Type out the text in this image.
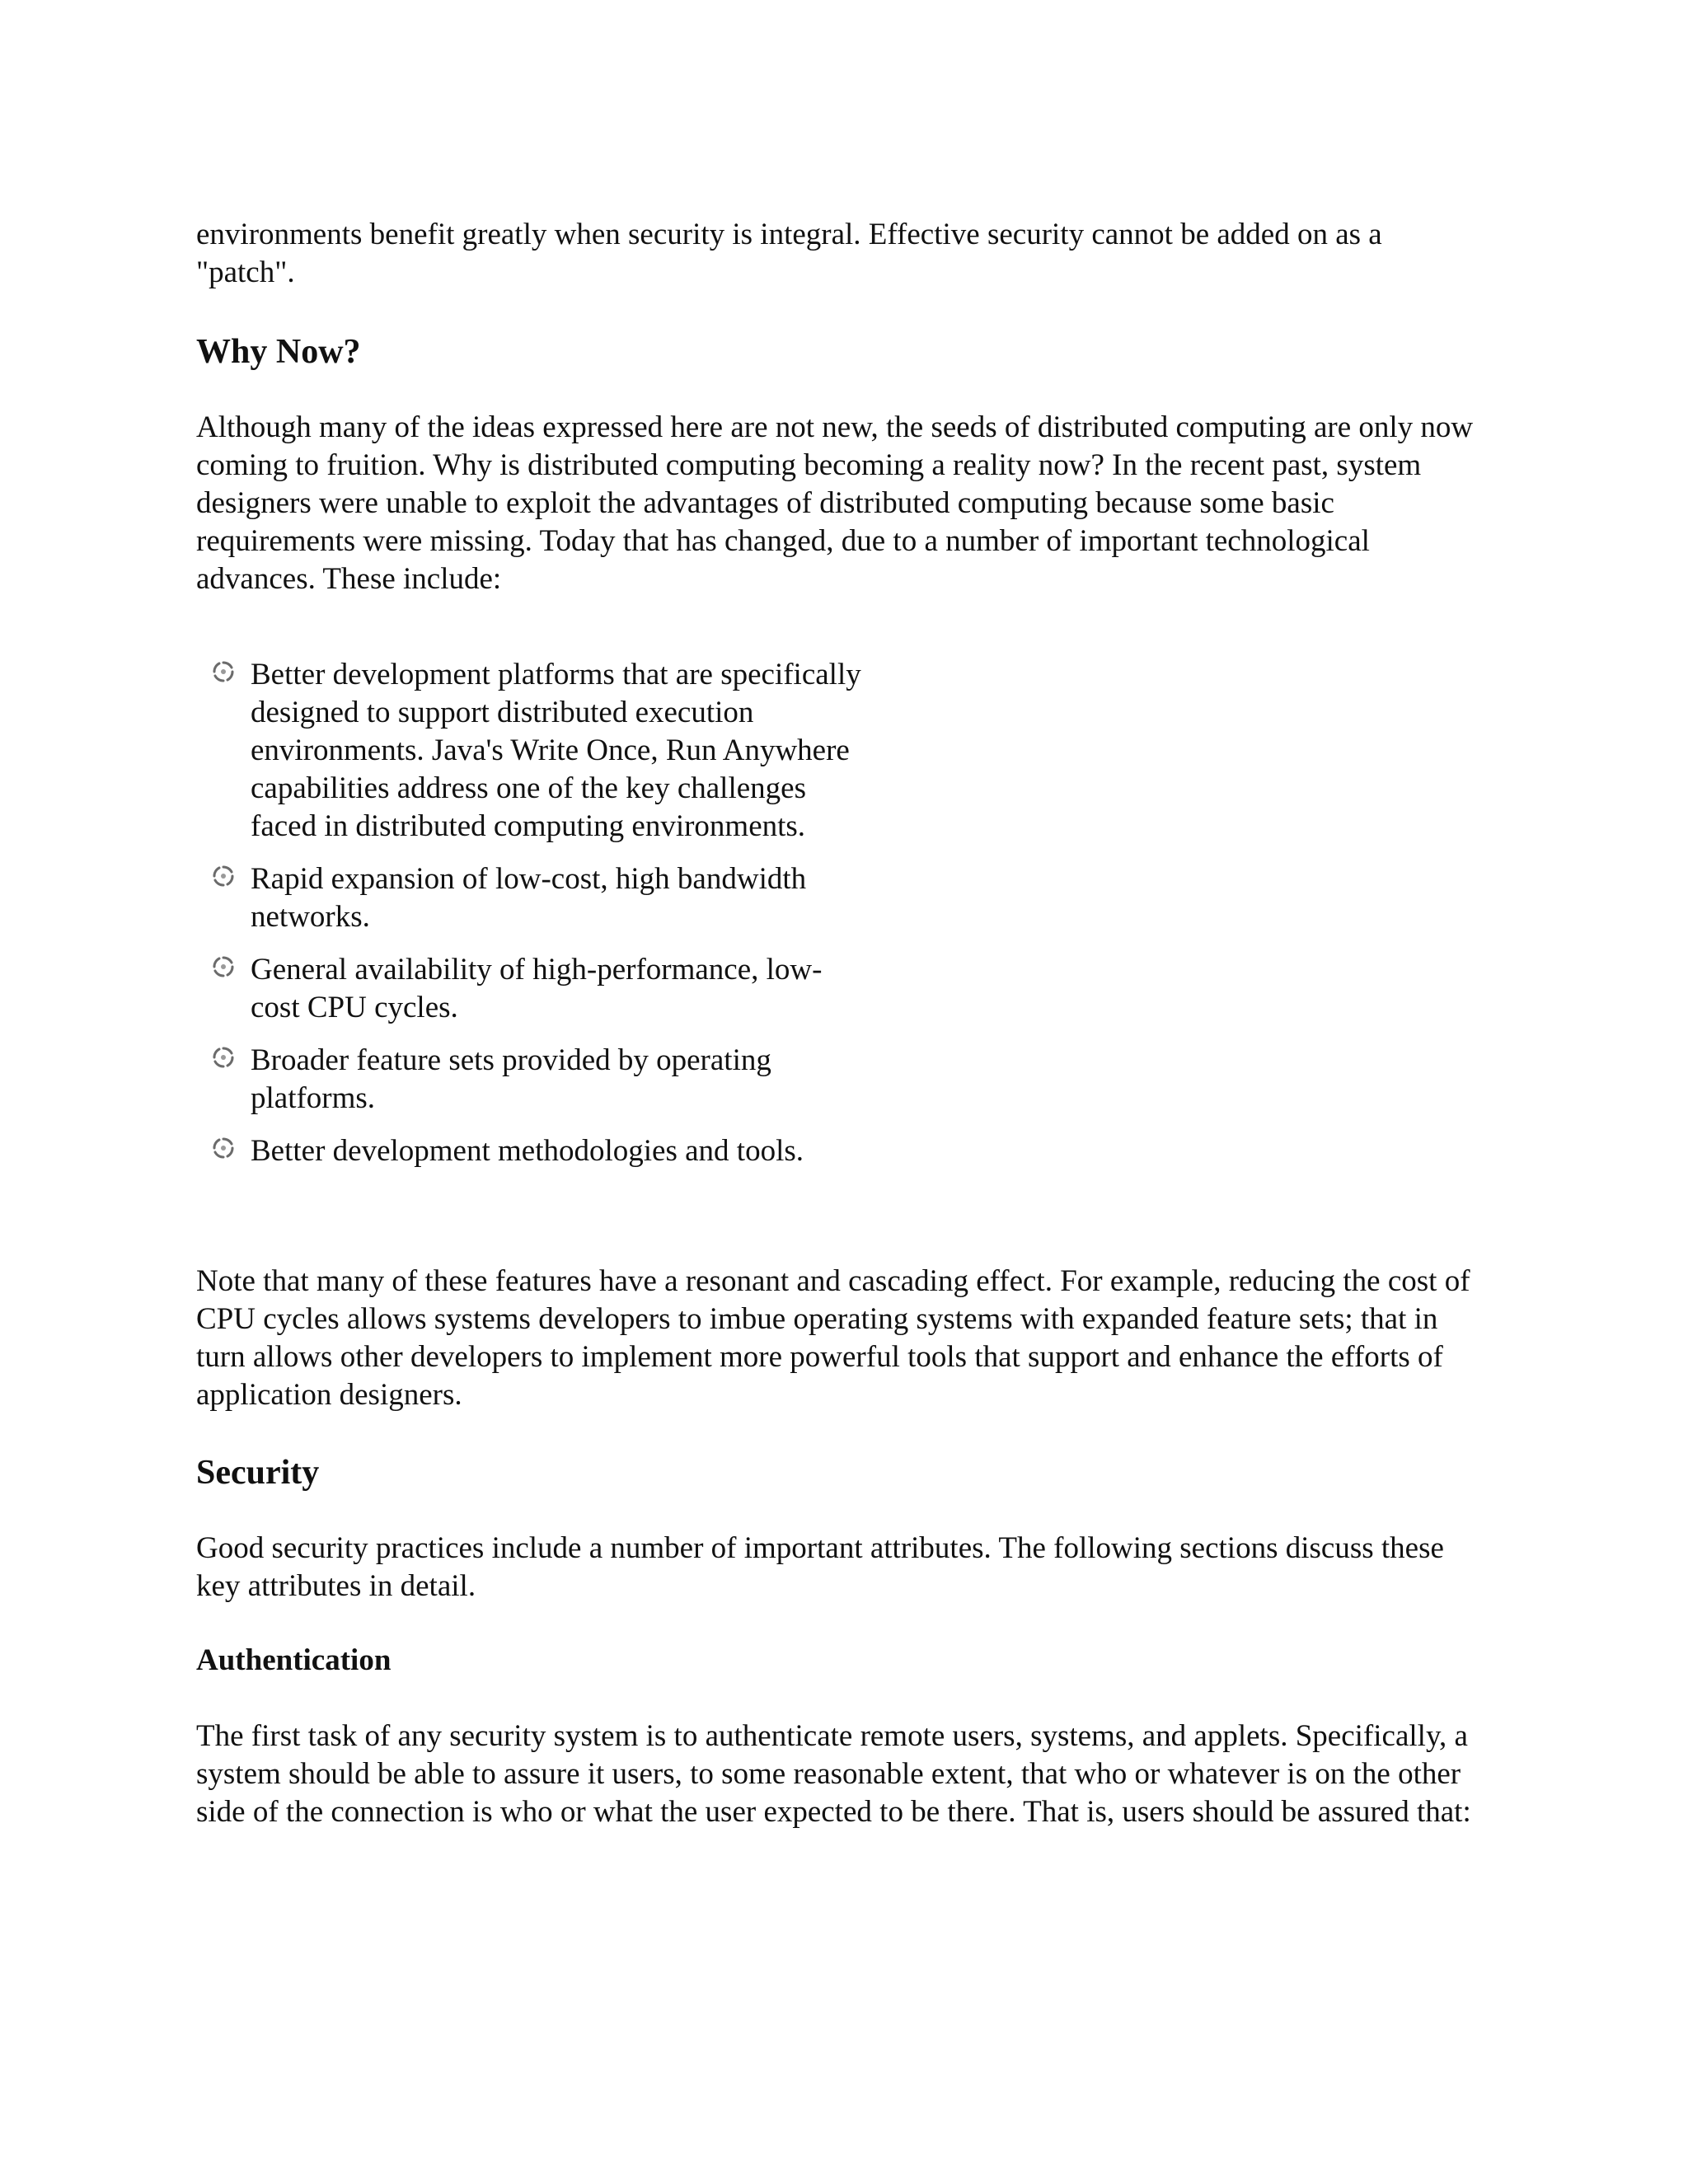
environments benefit greatly when security is integral. Effective security cannot be added on as a "patch".

Why Now?

Although many of the ideas expressed here are not new, the seeds of distributed computing are only now coming to fruition. Why is distributed computing becoming a reality now? In the recent past, system designers were unable to exploit the advantages of distributed computing because some basic requirements were missing. Today that has changed, due to a number of important technological advances. These include:

Better development platforms that are specifically designed to support distributed execution environments. Java's Write Once, Run Anywhere capabilities address one of the key challenges faced in distributed computing environments.
Rapid expansion of low-cost, high bandwidth networks.
General availability of high-performance, low-cost CPU cycles.
Broader feature sets provided by operating platforms.
Better development methodologies and tools.

Note that many of these features have a resonant and cascading effect. For example, reducing the cost of CPU cycles allows systems developers to imbue operating systems with expanded feature sets; that in turn allows other developers to implement more powerful tools that support and enhance the efforts of application designers.

Security

Good security practices include a number of important attributes. The following sections discuss these key attributes in detail.

Authentication

The first task of any security system is to authenticate remote users, systems, and applets. Specifically, a system should be able to assure it users, to some reasonable extent, that who or whatever is on the other side of the connection is who or what the user expected to be there. That is, users should be assured that:
